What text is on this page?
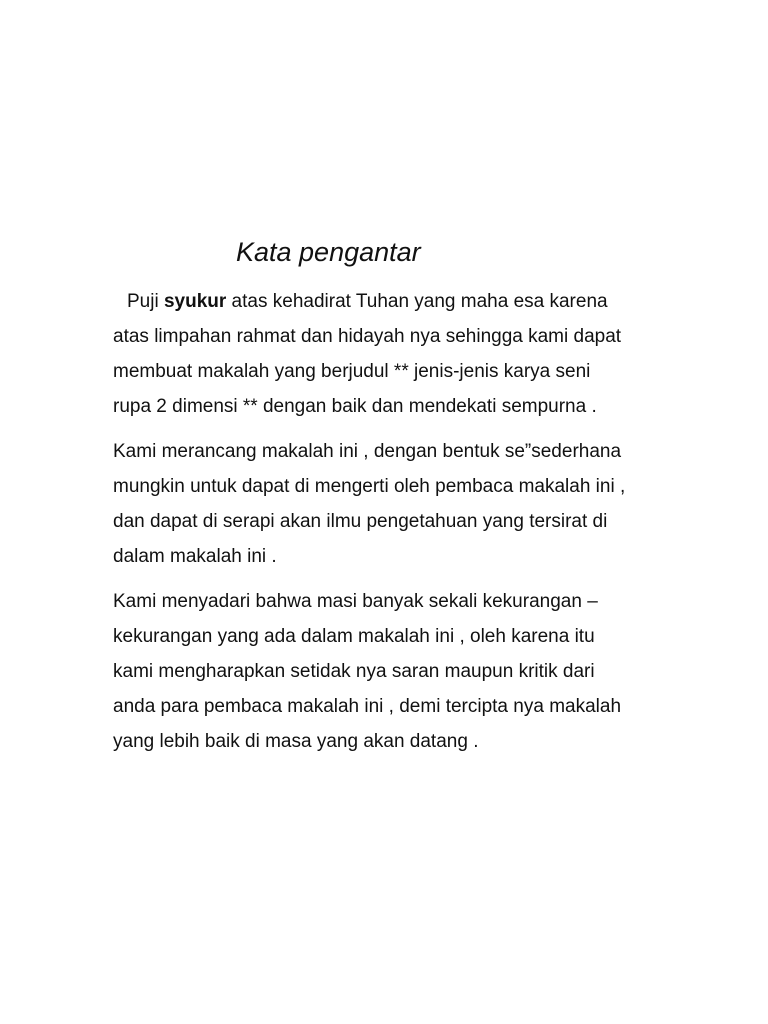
Kata pengantar

Puji syukur atas kehadirat Tuhan yang maha esa karena
atas limpahan rahmat dan hidayah nya sehingga kami dapat
membuat makalah yang berjudul ** jenis-jenis karya seni
rupa 2 dimensi ** dengan baik dan mendekati sempurna .

Kami merancang makalah ini , dengan bentuk se”sederhana
mungkin untuk dapat di mengerti oleh pembaca makalah ini ,
dan dapat di serapi akan ilmu pengetahuan yang tersirat di
dalam makalah ini .

Kami menyadari bahwa masi banyak sekali kekurangan –
kekurangan yang ada dalam makalah ini , oleh karena itu
kami mengharapkan setidak nya saran maupun kritik dari
anda para pembaca makalah ini , demi tercipta nya makalah
yang lebih baik di masa yang akan datang .
